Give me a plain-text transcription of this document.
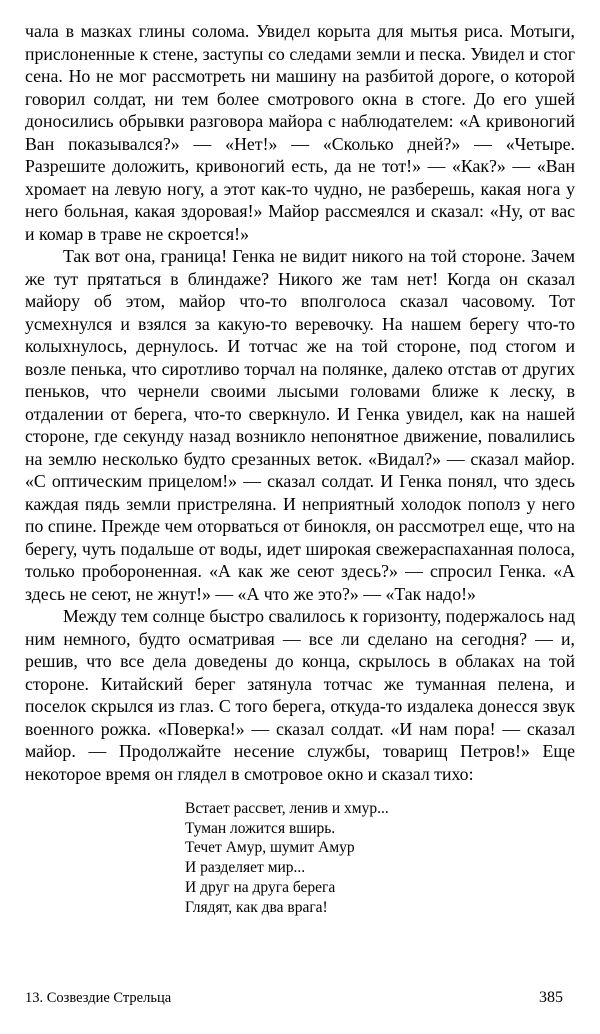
чала в мазках глины солома. Увидел корыта для мытья риса. Мотыги, прислоненные к стене, заступы со следами земли и песка. Увидел и стог сена. Но не мог рассмотреть ни машину на разбитой дороге, о которой говорил солдат, ни тем более смотрового окна в стоге. До его ушей доносились обрывки разговора майора с наблюдателем: «А кривоногий Ван показывался?» — «Нет!» — «Сколько дней?» — «Четыре. Разрешите доложить, кривоногий есть, да не тот!» — «Как?» — «Ван хромает на левую ногу, а этот как-то чудно, не разберешь, какая нога у него больная, какая здоровая!» Майор рассмеялся и сказал: «Ну, от вас и комар в траве не скроется!»

Так вот она, граница! Генка не видит никого на той стороне. Зачем же тут прятаться в блиндаже? Никого же там нет! Когда он сказал майору об этом, майор что-то вполголоса сказал часовому. Тот усмехнулся и взялся за какую-то веревочку. На нашем берегу что-то колыхнулось, дернулось. И тотчас же на той стороне, под стогом и возле пенька, что сиротливо торчал на полянке, далеко отстав от других пеньков, что чернели своими лысыми головами ближе к леску, в отдалении от берега, что-то сверкнуло. И Генка увидел, как на нашей стороне, где секунду назад возникло непонятное движение, повалились на землю несколько будто срезанных веток. «Видал?» — сказал майор. «С оптическим прицелом!» — сказал солдат. И Генка понял, что здесь каждая пядь земли пристреляна. И неприятный холодок пополз у него по спине. Прежде чем оторваться от бинокля, он рассмотрел еще, что на берегу, чуть подальше от воды, идет широкая свежераспаханная полоса, только пробороненная. «А как же сеют здесь?» — спросил Генка. «А здесь не сеют, не жнут!» — «А что же это?» — «Так надо!»

Между тем солнце быстро свалилось к горизонту, подержалось над ним немного, будто осматривая — все ли сделано на сегодня? — и, решив, что все дела доведены до конца, скрылось в облаках на той стороне. Китайский берег затянула тотчас же туманная пелена, и поселок скрылся из глаз. С того берега, откуда-то издалека донесся звук военного рожка. «Поверка!» — сказал солдат. «И нам пора! — сказал майор. — Продолжайте несение службы, товарищ Петров!» Еще некоторое время он глядел в смотровое окно и сказал тихо:

Встает рассвет, ленив и хмур...
Туман ложится вширь.
Течет Амур, шумит Амур
И разделяет мир...
И друг на друга берега
Глядят, как два врага!
13. Созвездие Стрельца	385
